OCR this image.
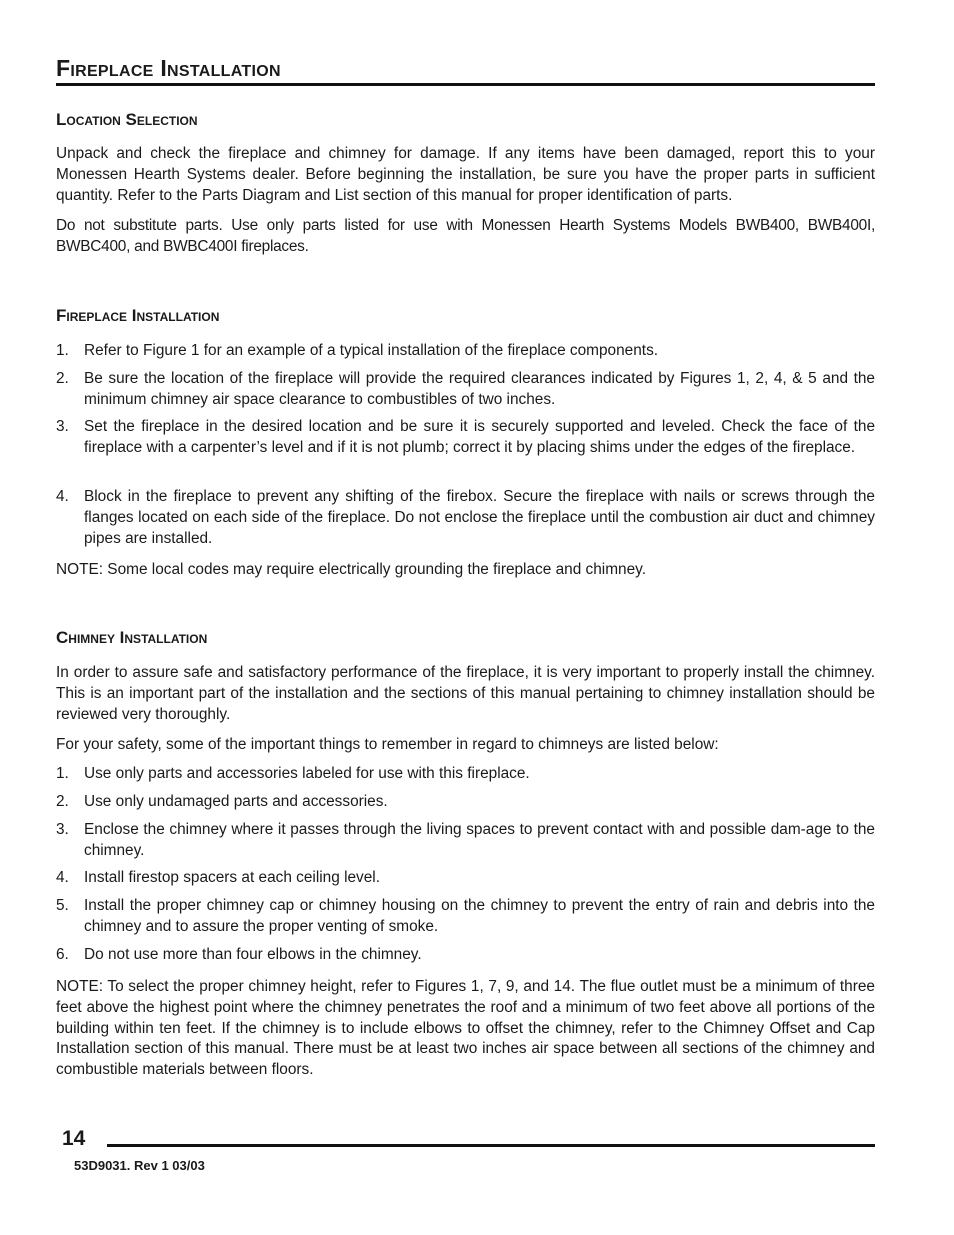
Fireplace Installation
Location Selection

Unpack and check the fireplace and chimney for damage. If any items have been damaged, report this to your Monessen Hearth Systems dealer. Before beginning the installation, be sure you have the proper parts in sufficient quantity. Refer to the Parts Diagram and List section of this manual for proper identification of parts.

Do not substitute parts. Use only parts listed for use with Monessen Hearth Systems Models BWB400, BWB400I, BWBC400, and BWBC400I fireplaces.

Fireplace Installation
1. Refer to Figure 1 for an example of a typical installation of the fireplace components.
2. Be sure the location of the fireplace will provide the required clearances indicated by Figures 1, 2, 4, & 5 and the minimum chimney air space clearance to combustibles of two inches.
3. Set the fireplace in the desired location and be sure it is securely supported and leveled. Check the face of the fireplace with a carpenter’s level and if it is not plumb; correct it by placing shims under the edges of the fireplace.
4. Block in the fireplace to prevent any shifting of the firebox. Secure the fireplace with nails or screws through the flanges located on each side of the fireplace. Do not enclose the fireplace until the combustion air duct and chimney pipes are installed.

NOTE: Some local codes may require electrically grounding the fireplace and chimney.

Chimney Installation

In order to assure safe and satisfactory performance of the fireplace, it is very important to properly install the chimney. This is an important part of the installation and the sections of this manual pertaining to chimney installation should be reviewed very thoroughly.

For your safety, some of the important things to remember in regard to chimneys are listed below:

1. Use only parts and accessories labeled for use with this fireplace.
2. Use only undamaged parts and accessories.
3. Enclose the chimney where it passes through the living spaces to prevent contact with and possible dam-age to the chimney.
4. Install firestop spacers at each ceiling level.
5. Install the proper chimney cap or chimney housing on the chimney to prevent the entry of rain and debris into the chimney and to assure the proper venting of smoke.
6. Do not use more than four elbows in the chimney.

NOTE: To select the proper chimney height, refer to Figures 1, 7, 9, and 14. The flue outlet must be a minimum of three feet above the highest point where the chimney penetrates the roof and a minimum of two feet above all portions of the building within ten feet. If the chimney is to include elbows to offset the chimney, refer to the Chimney Offset and Cap Installation section of this manual. There must be at least two inches air space between all sections of the chimney and combustible materials between floors.

14
53D9031. Rev 1 03/03
